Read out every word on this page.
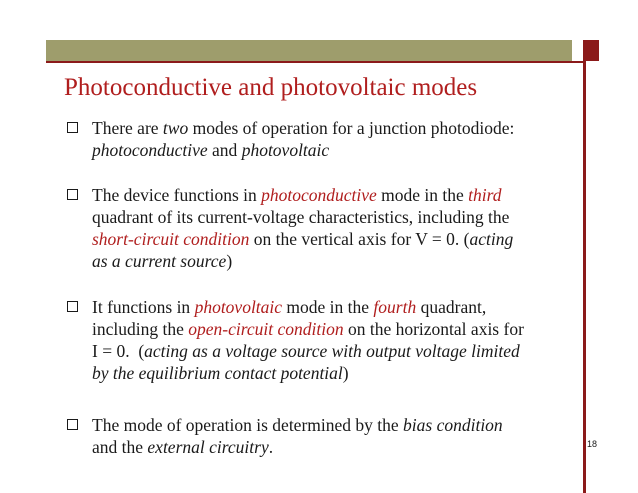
Photoconductive and photovoltaic modes
There are two modes of operation for a junction photodiode:
photoconductive and photovoltaic
The device functions in photoconductive mode in the third
quadrant of its current-voltage characteristics, including the
short-circuit condition on the vertical axis for V = 0. (acting
as a current source)
It functions in photovoltaic mode in the fourth quadrant,
including the open-circuit condition on the horizontal axis for
I = 0.  (acting as a voltage source with output voltage limited
by the equilibrium contact potential)
The mode of operation is determined by the bias condition
and the external circuitry.	18
